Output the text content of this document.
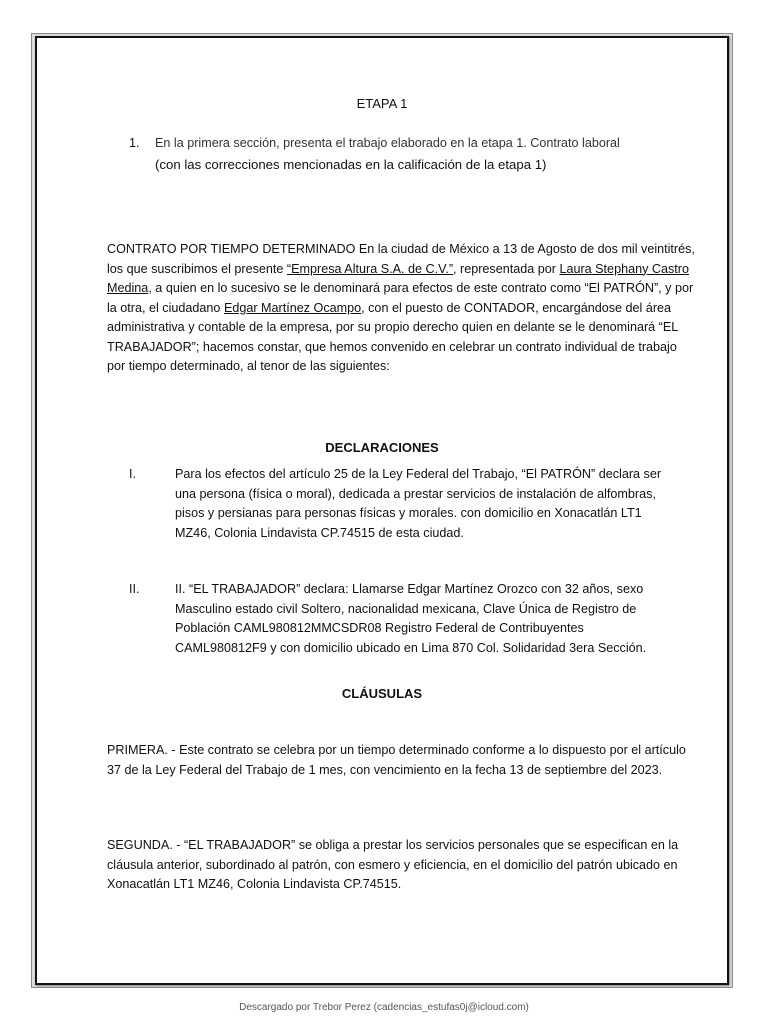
ETAPA 1
1. En la primera sección, presenta el trabajo elaborado en la etapa 1. Contrato laboral
(con las correcciones mencionadas en la calificación de la etapa 1)
CONTRATO POR TIEMPO DETERMINADO En la ciudad de México a 13 de Agosto de dos mil veintitrés, los que suscribimos el presente “Empresa Altura S.A. de C.V.”, representada por Laura Stephany Castro Medina, a quien en lo sucesivo se le denominará para efectos de este contrato como “El PATRÓN”, y por la otra, el ciudadano Edgar Martínez Ocampo, con el puesto de CONTADOR, encargándose del área administrativa y contable de la empresa, por su propio derecho quien en delante se le denominará “EL TRABAJADOR”; hacemos constar, que hemos convenido en celebrar un contrato individual de trabajo por tiempo determinado, al tenor de las siguientes:
DECLARACIONES
I.	Para los efectos del artículo 25 de la Ley Federal del Trabajo, “El PATRÓN” declara ser una persona (física o moral), dedicada a prestar servicios de instalación de alfombras, pisos y persianas para personas físicas y morales. con domicilio en Xonacatlán LT1 MZ46, Colonia Lindavista CP.74515 de esta ciudad.
II.	II. “EL TRABAJADOR” declara: Llamarse Edgar Martínez Orozco con 32 años, sexo Masculino estado civil Soltero, nacionalidad mexicana, Clave Única de Registro de Población CAML980812MMCSDR08 Registro Federal de Contribuyentes CAML980812F9 y con domicilio ubicado en Lima 870 Col. Solidaridad 3era Sección.
CLÁUSULAS
PRIMERA. - Este contrato se celebra por un tiempo determinado conforme a lo dispuesto por el artículo 37 de la Ley Federal del Trabajo de 1 mes, con vencimiento en la fecha 13 de septiembre del 2023.
SEGUNDA. - “EL TRABAJADOR” se obliga a prestar los servicios personales que se especifican en la cláusula anterior, subordinado al patrón, con esmero y eficiencia, en el domicilio del patrón ubicado en Xonacatlán LT1 MZ46, Colonia Lindavista CP.74515.
Descargado por Trebor Perez (cadencias_estufas0j@icloud.com)
